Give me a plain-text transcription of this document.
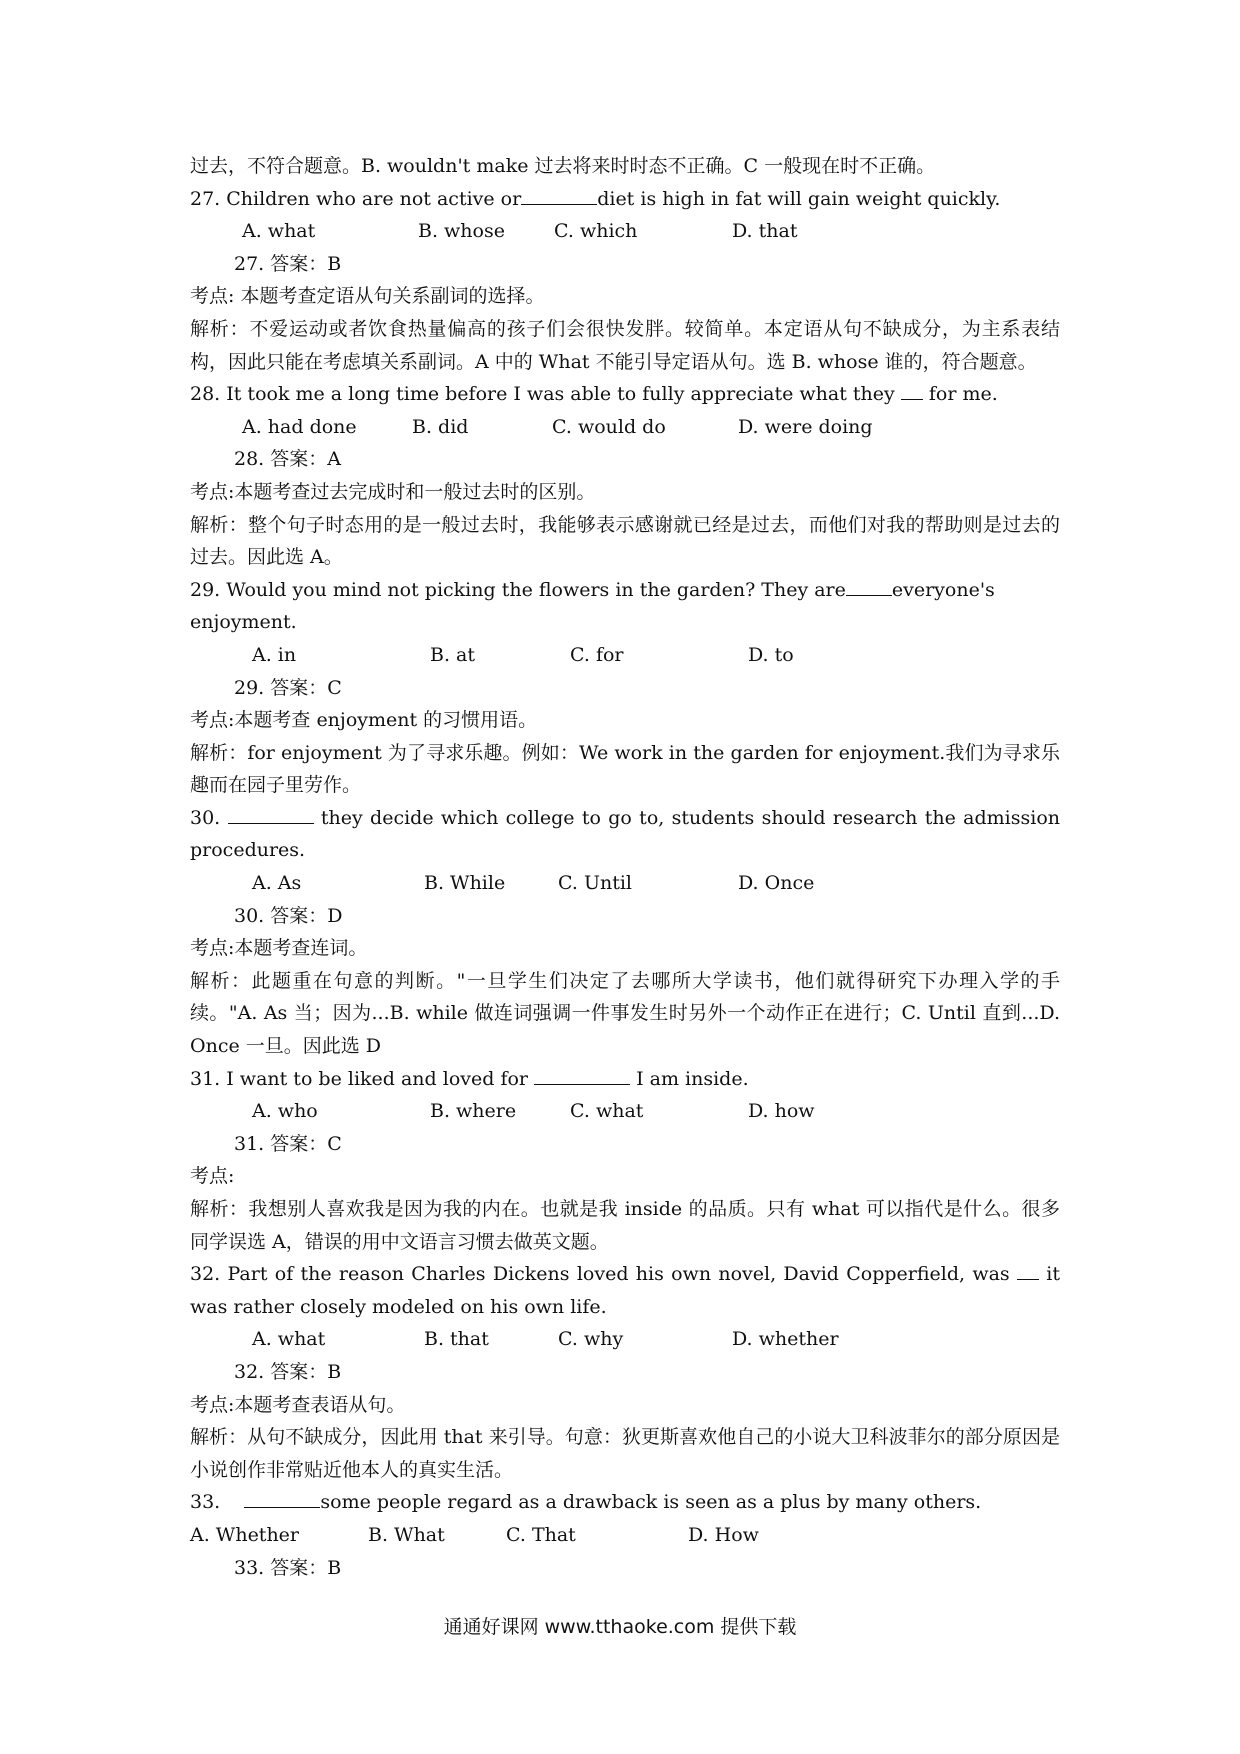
过去，不符合题意。B. wouldn't make 过去将来时时态不正确。C 一般现在时不正确。
27. Children who are not active or	diet is high in fat will gain weight quickly.
A. what	B. whose	C. which	D. that
27. 答案：B
考点: 本题考查定语从句关系副词的选择。
解析：不爱运动或者饮食热量偏高的孩子们会很快发胖。较简单。本定语从句不缺成分，为主系表结构，因此只能在考虑填关系副词。A 中的 What 不能引导定语从句。选 B. whose 谁的，符合题意。
28. It took me a long time before I was able to fully appreciate what they for me.
A. had done	B. did	C. would do	D. were doing
28. 答案：A
考点:本题考查过去完成时和一般过去时的区别。
解析：整个句子时态用的是一般过去时，我能够表示感谢就已经是过去，而他们对我的帮助则是过去的过去。因此选 A。
29. Would you mind not picking the flowers in the garden? They are everyone's enjoyment.
A. in	B. at	C. for	D. to
29. 答案：C
考点:本题考查 enjoyment 的习惯用语。
解析：for enjoyment 为了寻求乐趣。例如：We work in the garden for enjoyment.我们为寻求乐趣而在园子里劳作。
30.	they decide which college to go to, students should research the admission procedures.
A. As	B. While	C. Until	D. Once
30. 答案：D
考点:本题考查连词。
解析：此题重在句意的判断。"一旦学生们决定了去哪所大学读书，他们就得研究下办理入学的手续。"A. As 当；因为...B. while 做连词强调一件事发生时另外一个动作正在进行；C. Until 直到...D. Once 一旦。因此选 D
31. I want to be liked and loved for	I am inside.
A. who	B. where	C. what	D. how
31. 答案：C
考点:
解析：我想别人喜欢我是因为我的内在。也就是我 inside 的品质。只有 what 可以指代是什么。很多同学误选 A，错误的用中文语言习惯去做英文题。
32. Part of the reason Charles Dickens loved his own novel, David Copperfield, was it was rather closely modeled on his own life.
A. what	B. that	C. why	D. whether
32. 答案：B
考点:本题考查表语从句。
解析：从句不缺成分，因此用 that 来引导。句意：狄更斯喜欢他自己的小说大卫科波菲尔的部分原因是小说创作非常贴近他本人的真实生活。
33.	some people regard as a drawback is seen as a plus by many others.
A. Whether	B. What	C. That	D. How
33. 答案：B
通通好课网 www.tthaoke.com 提供下载
